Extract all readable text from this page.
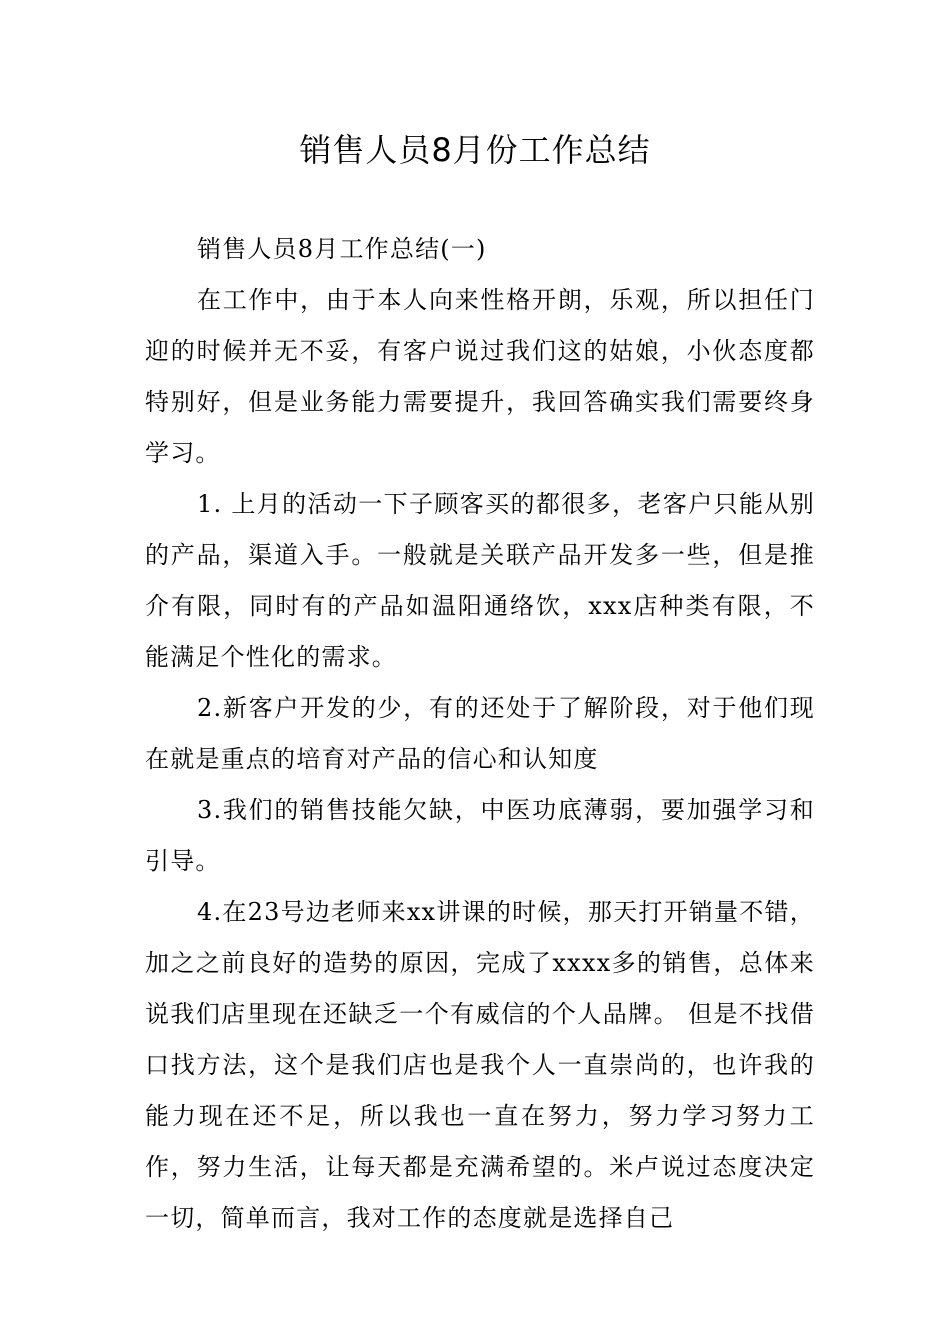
销售人员8月份工作总结

销售人员8月工作总结(一)

在工作中，由于本人向来性格开朗，乐观，所以担任门迎的时候并无不妥，有客户说过我们这的姑娘，小伙态度都特别好，但是业务能力需要提升，我回答确实我们需要终身学习。

1. 上月的活动一下子顾客买的都很多，老客户只能从别的产品，渠道入手。一般就是关联产品开发多一些，但是推介有限，同时有的产品如温阳通络饮，xxx店种类有限，不能满足个性化的需求。

2.新客户开发的少，有的还处于了解阶段，对于他们现在就是重点的培育对产品的信心和认知度

3.我们的销售技能欠缺，中医功底薄弱，要加强学习和引导。

4.在23号边老师来xx讲课的时候，那天打开销量不错，加之之前良好的造势的原因，完成了xxxx多的销售，总体来说我们店里现在还缺乏一个有威信的个人品牌。 但是不找借口找方法，这个是我们店也是我个人一直崇尚的，也许我的能力现在还不足，所以我也一直在努力，努力学习努力工作，努力生活，让每天都是充满希望的。米卢说过态度决定一切，简单而言，我对工作的态度就是选择自己
